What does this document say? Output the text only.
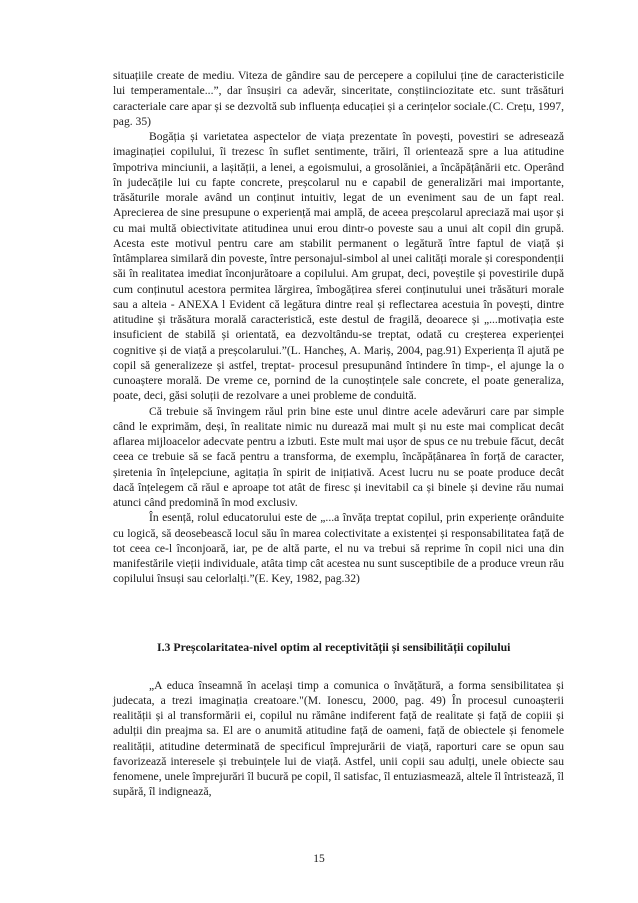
situațiile create de mediu. Viteza de gândire sau de percepere a copilului ține de caracteristicile lui temperamentale...”, dar însușiri ca adevăr, sinceritate, conștiinciozitate etc. sunt trăsături caracteriale care apar și se dezvoltă sub influența educației și a cerințelor sociale.(C. Crețu, 1997, pag. 35)

Bogăția și varietatea aspectelor de viața prezentate în povești, povestiri se adresează imaginației copilului, îi trezesc în suflet sentimente, trăiri, îl orientează spre a lua atitudine împotriva minciunii, a lașității, a lenei, a egoismului, a grosolăniei, a încăpățânării etc. Operând în judecățile lui cu fapte concrete, preșcolarul nu e capabil de generalizări mai importante, trăsăturile morale având un conținut intuitiv, legat de un eveniment sau de un fapt real. Aprecierea de sine presupune o experiență mai amplă, de aceea preșcolarul apreciază mai ușor și cu mai multă obiectivitate atitudinea unui erou dintr-o poveste sau a unui alt copil din grupă. Acesta este motivul pentru care am stabilit permanent o legătură între faptul de viață și întâmplarea similară din poveste, între personajul-simbol al unei calități morale și corespondenții săi în realitatea imediat înconjurătoare a copilului. Am grupat, deci, poveștile și povestirile după cum conținutul acestora permitea lărgirea, îmbogățirea sferei conținutului unei trăsături morale sau a alteia - ANEXA l Evident că legătura dintre real și reflectarea acestuia în povești, dintre atitudine și trăsătura morală caracteristică, este destul de fragilă, deoarece și „...motivația este insuficient de stabilă și orientată, ea dezvoltându-se treptat, odată cu creșterea experienței cognitive și de viață a preșcolarului.”(L. Hancheș, A. Mariș, 2004, pag.91) Experiența îl ajută pe copil să generalizeze și astfel, treptat- procesul presupunând întindere în timp-, el ajunge la o cunoaștere morală. De vreme ce, pornind de la cunoștințele sale concrete, el poate generaliza, poate, deci, găsi soluții de rezolvare a unei probleme de conduită.

Că trebuie să învingem răul prin bine este unul dintre acele adevăruri care par simple când le exprimăm, deși, în realitate nimic nu durează mai mult și nu este mai complicat decât aflarea mijloacelor adecvate pentru a izbuti. Este mult mai ușor de spus ce nu trebuie făcut, decât ceea ce trebuie să se facă pentru a transforma, de exemplu, încăpățânarea în forță de caracter, șiretenia în înțelepciune, agitația în spirit de inițiativă. Acest lucru nu se poate produce decât dacă înțelegem că răul e aproape tot atât de firesc și inevitabil ca și binele și devine rău numai atunci când predomină în mod exclusiv.

În esență, rolul educatorului este de „...a învăța treptat copilul, prin experiențe orânduite cu logică, să deosebească locul său în marea colectivitate a existenței și responsabilitatea față de tot ceea ce-l înconjoară, iar, pe de altă parte, el nu va trebui să reprime în copil nici una din manifestările vieții individuale, atâta timp cât acestea nu sunt susceptibile de a produce vreun rău copilului însuși sau celorlalți.”(E. Key, 1982, pag.32)

I.3 Preșcolaritatea-nivel optim al receptivității și sensibilității copilului

„A educa înseamnă în același timp a comunica o învățătură, a forma sensibilitatea și judecata, a trezi imaginația creatoare."(M. Ionescu, 2000, pag. 49) În procesul cunoașterii realității și al transformării ei, copilul nu rămâne indiferent față de realitate și față de copiii și adulții din preajma sa. El are o anumită atitudine față de oameni, față de obiectele și fenomele realității, atitudine determinată de specificul împrejurării de viață, raporturi care se opun sau favorizează interesele și trebuințele lui de viață. Astfel, unii copii sau adulți, unele obiecte sau fenomene, unele împrejurări îl bucură pe copil, îl satisfac, îl entuziasmează, altele îl întristează, îl supără, îl indignează,

15
